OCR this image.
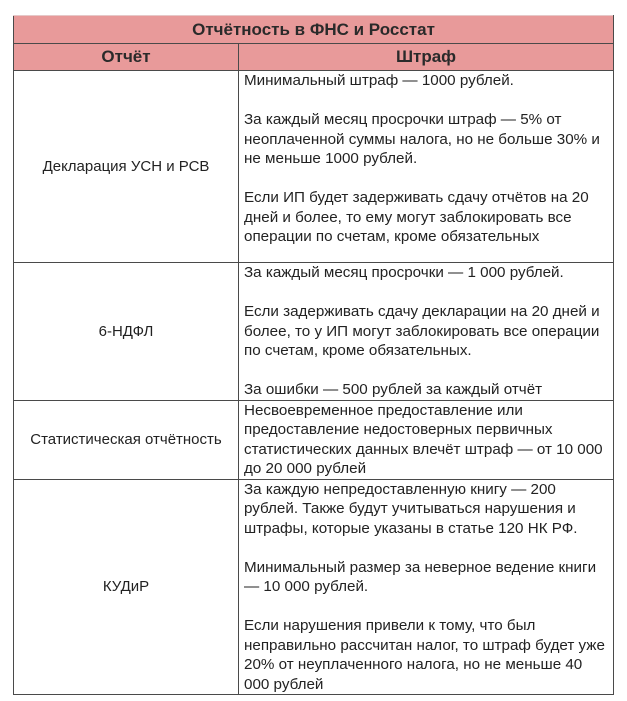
Отчётность в ФНС и Росстат	
Отчёт	Штраф
Декларация УСН и РСВ	Минимальный штраф — 1000 рублей.

За каждый месяц просрочки штраф — 5% от неоплаченной суммы налога, но не больше 30% и не меньше 1000 рублей.

Если ИП будет задерживать сдачу отчётов на 20 дней и более, то ему могут заблокировать все операции по счетам, кроме обязательных

6-НДФЛ	За каждый месяц просрочки — 1 000 рублей.

Если задерживать сдачу декларации на 20 дней и более, то у ИП могут заблокировать все операции по счетам, кроме обязательных.

За ошибки — 500 рублей за каждый отчёт

Статистическая отчётность	Несвоевременное предоставление или предоставление недостоверных первичных статистических данных влечёт штраф — от 10 000 до 20 000 рублей

КУДиР	За каждую непредоставленную книгу — 200 рублей. Также будут учитываться нарушения и штрафы, которые указаны в статье 120 НК РФ.

Минимальный размер за неверное ведение книги — 10 000 рублей.

Если нарушения привели к тому, что был неправильно рассчитан налог, то штраф будет уже 20% от неуплаченного налога, но не меньше 40 000 рублей
